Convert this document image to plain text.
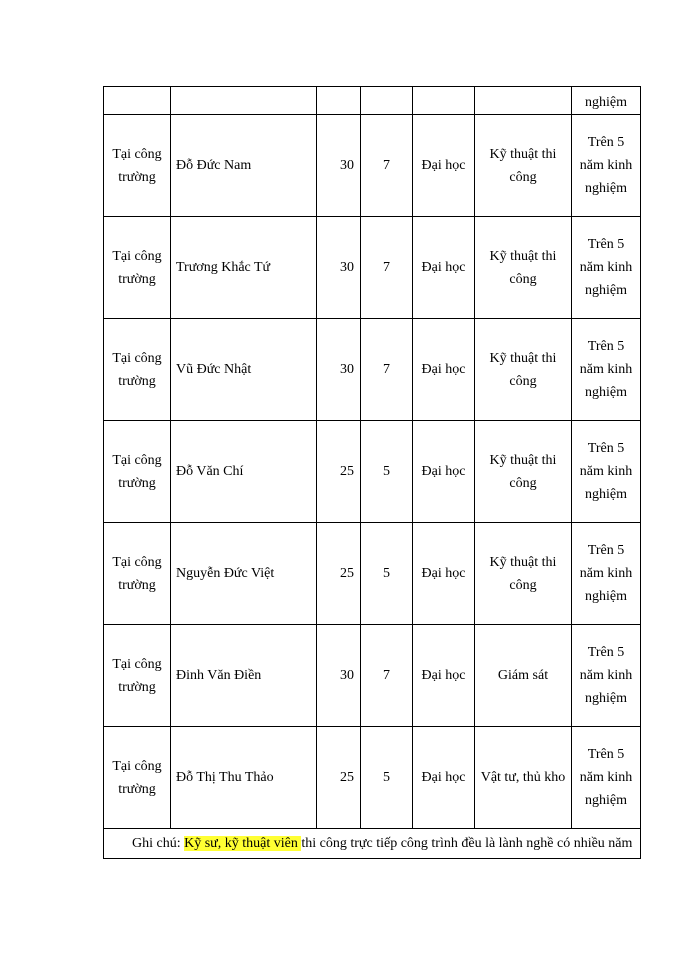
						nghiệm
Tại công trường	Đỗ Đức Nam	30	7	Đại học	Kỹ thuật thi công	Trên 5 năm kinh nghiệm
Tại công trường	Trương Khắc Tứ	30	7	Đại học	Kỹ thuật thi công	Trên 5 năm kinh nghiệm
Tại công trường	Vũ Đức Nhật	30	7	Đại học	Kỹ thuật thi công	Trên 5 năm kinh nghiệm
Tại công trường	Đỗ Văn Chí	25	5	Đại học	Kỹ thuật thi công	Trên 5 năm kinh nghiệm
Tại công trường	Nguyễn Đức Việt	25	5	Đại học	Kỹ thuật thi công	Trên 5 năm kinh nghiệm
Tại công trường	Đinh Văn Điền	30	7	Đại học	Giám sát	Trên 5 năm kinh nghiệm
Tại công trường	Đỗ Thị Thu Thảo	25	5	Đại học	Vật tư, thủ kho	Trên 5 năm kinh nghiệm
Ghi chú: Kỹ sư, kỹ thuật viên thi công trực tiếp công trình đều là lành nghề có nhiều năm						
